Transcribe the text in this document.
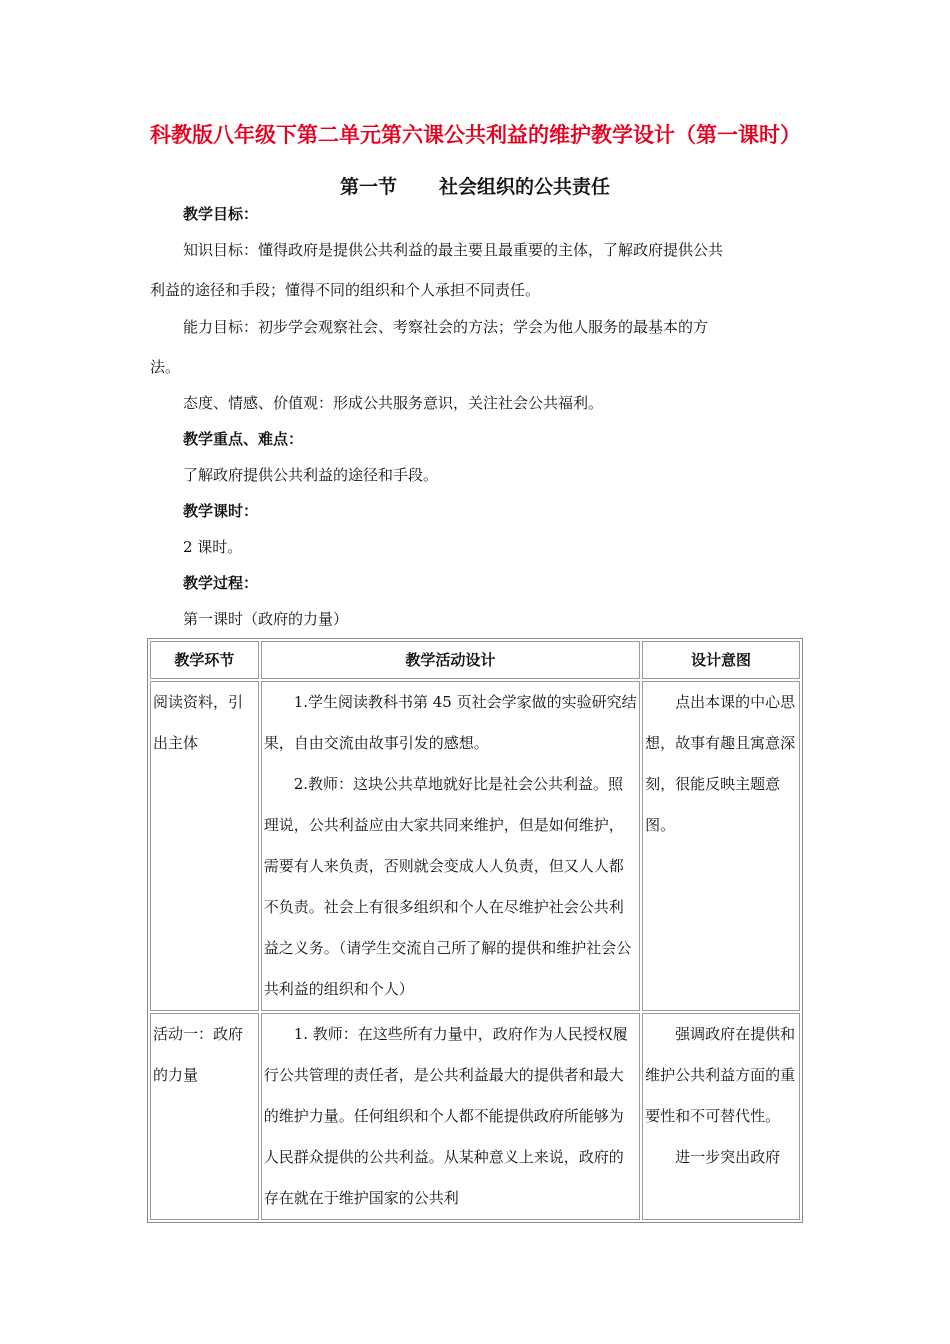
科教版八年级下第二单元第六课公共利益的维护教学设计（第一课时）
第一节 社会组织的公共责任
教学目标：
知识目标：懂得政府是提供公共利益的最主要且最重要的主体，了解政府提供公共
利益的途径和手段；懂得不同的组织和个人承担不同责任。
能力目标：初步学会观察社会、考察社会的方法；学会为他人服务的最基本的方
法。
态度、情感、价值观：形成公共服务意识，关注社会公共福利。
教学重点、难点：
了解政府提供公共利益的途径和手段。
教学课时：
2 课时。
教学过程：
第一课时（政府的力量）
教学环节	教学活动设计	设计意图

阅读资料，引出主体	1.学生阅读教科书第 45 页社会学家做的实验研究结果，自由交流由故事引发的感想。

2.教师：这块公共草地就好比是社会公共利益。照理说，公共利益应由大家共同来维护，但是如何维护，需要有人来负责，否则就会变成人人负责，但又人人都不负责。社会上有很多组织和个人在尽维护社会公共利益之义务。（请学生交流自己所了解的提供和维护社会公共利益的组织和个人）	点出本课的中心思想，故事有趣且寓意深刻，很能反映主题意图。

活动一：政府的力量	1. 教师：在这些所有力量中，政府作为人民授权履行公共管理的责任者，是公共利益最大的提供者和最大的维护力量。任何组织和个人都不能提供政府所能够为人民群众提供的公共利益。从某种意义上来说，政府的存在就在于维护国家的公共利	强调政府在提供和维护公共利益方面的重要性和不可替代性。

进一步突出政府
